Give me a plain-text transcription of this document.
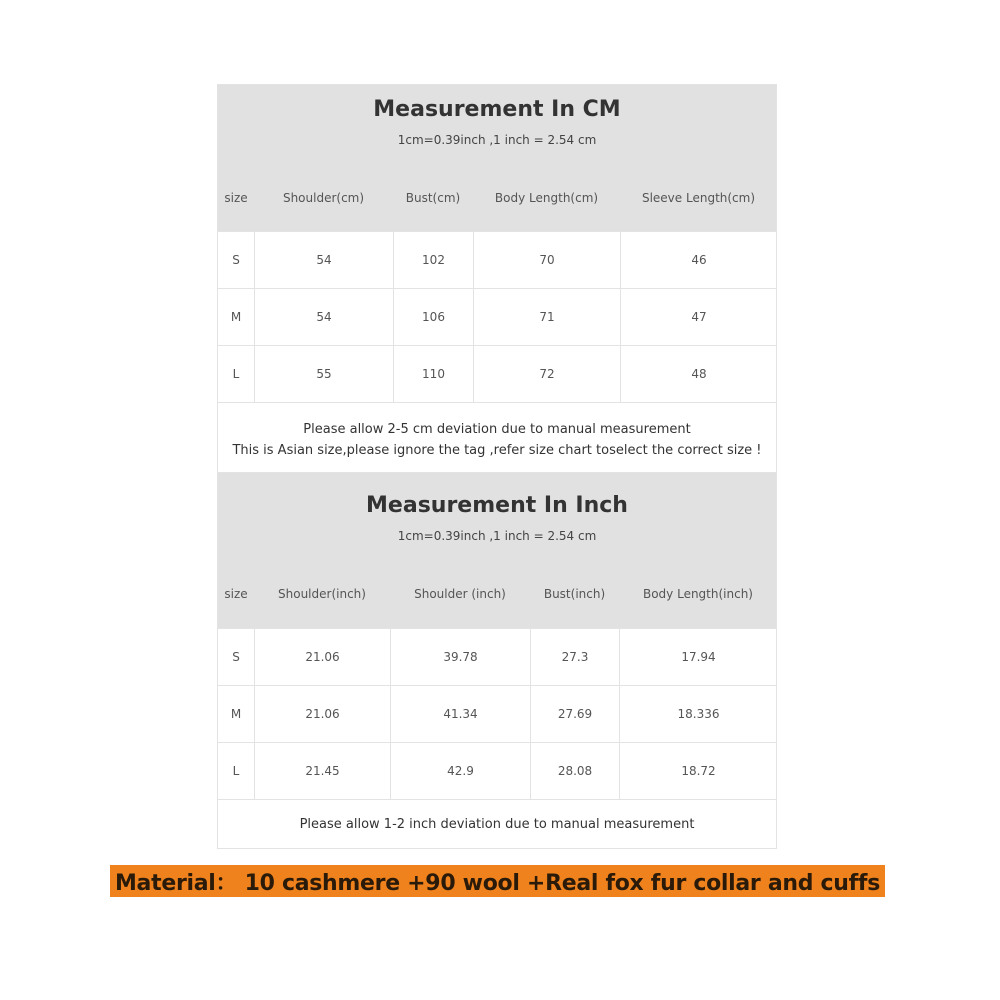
Measurement In CM
1cm=0.39inch ,1 inch = 2.54 cm
size	Shoulder(cm)	Bust(cm)	Body Length(cm)	Sleeve Length(cm)
S	54	102	70	46
M	54	106	71	47
L	55	110	72	48
Please allow 2-5 cm deviation due to manual measurement
This is Asian size,please ignore the tag ,refer size chart toselect the correct size !
Measurement In Inch
1cm=0.39inch ,1 inch = 2.54 cm
size	Shoulder(inch)	Shoulder (inch)	Bust(inch)	Body Length(inch)
S	21.06	39.78	27.3	17.94
M	21.06	41.34	27.69	18.336
L	21.45	42.9	28.08	18.72
Please allow 1-2 inch deviation due to manual measurement
Material： 10 cashmere +90 wool +Real fox fur collar and cuffs
